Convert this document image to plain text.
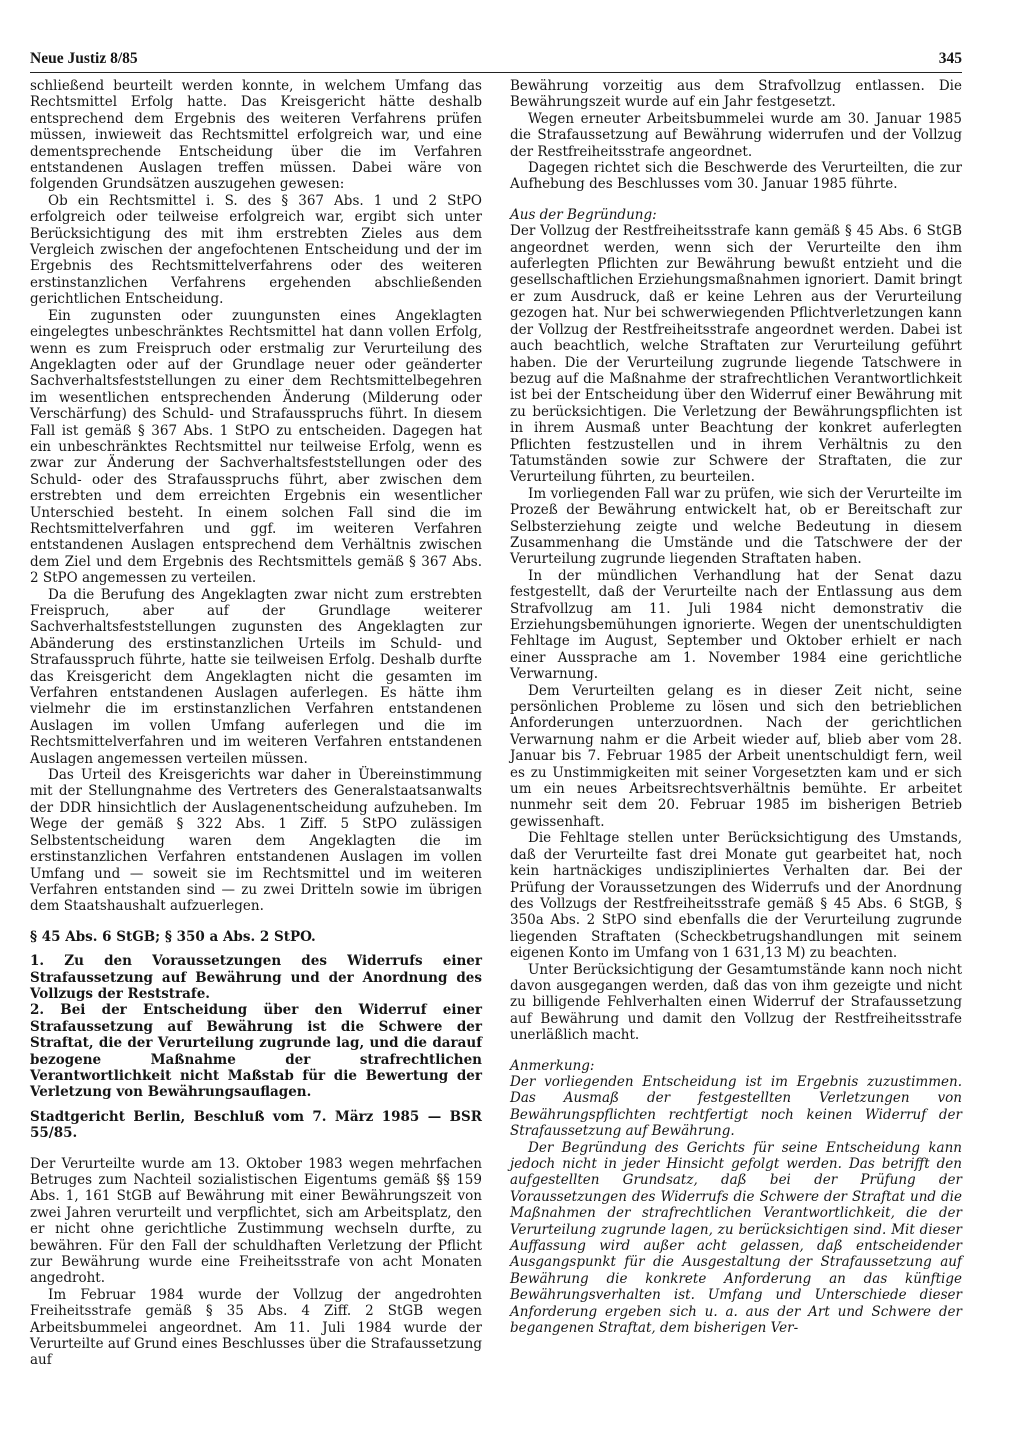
Neue Justiz 8/85	345

schließend beurteilt werden konnte, in welchem Umfang das Rechtsmittel Erfolg hatte. Das Kreisgericht hätte deshalb entsprechend dem Ergebnis des weiteren Verfahrens prüfen müssen, inwieweit das Rechtsmittel erfolgreich war, und eine dementsprechende Entscheidung über die im Verfahren entstandenen Auslagen treffen müssen. Dabei wäre von folgenden Grundsätzen auszugehen gewesen:

Ob ein Rechtsmittel i. S. des § 367 Abs. 1 und 2 StPO erfolgreich oder teilweise erfolgreich war, ergibt sich unter Berücksichtigung des mit ihm erstrebten Zieles aus dem Vergleich zwischen der angefochtenen Entscheidung und der im Ergebnis des Rechtsmittelverfahrens oder des weiteren erstinstanzlichen Verfahrens ergehenden abschließenden gerichtlichen Entscheidung.

Ein zugunsten oder zuungunsten eines Angeklagten eingelegtes unbeschränktes Rechtsmittel hat dann vollen Erfolg, wenn es zum Freispruch oder erstmalig zur Verurteilung des Angeklagten oder auf der Grundlage neuer oder geänderter Sachverhaltsfeststellungen zu einer dem Rechtsmittelbegehren im wesentlichen entsprechenden Änderung (Milderung oder Verschärfung) des Schuld- und Strafausspruchs führt. In diesem Fall ist gemäß § 367 Abs. 1 StPO zu entscheiden. Dagegen hat ein unbeschränktes Rechtsmittel nur teilweise Erfolg, wenn es zwar zur Änderung der Sachverhaltsfeststellungen oder des Schuld- oder des Strafausspruchs führt, aber zwischen dem erstrebten und dem erreichten Ergebnis ein wesentlicher Unterschied besteht. In einem solchen Fall sind die im Rechtsmittelverfahren und ggf. im weiteren Verfahren entstandenen Auslagen entsprechend dem Verhältnis zwischen dem Ziel und dem Ergebnis des Rechtsmittels gemäß § 367 Abs. 2 StPO angemessen zu verteilen.

Da die Berufung des Angeklagten zwar nicht zum erstrebten Freispruch, aber auf der Grundlage weiterer Sachverhaltsfeststellungen zugunsten des Angeklagten zur Abänderung des erstinstanzlichen Urteils im Schuld- und Strafausspruch führte, hatte sie teilweisen Erfolg. Deshalb durfte das Kreisgericht dem Angeklagten nicht die gesamten im Verfahren entstandenen Auslagen auferlegen. Es hätte ihm vielmehr die im erstinstanzlichen Verfahren entstandenen Auslagen im vollen Umfang auferlegen und die im Rechtsmittelverfahren und im weiteren Verfahren entstandenen Auslagen angemessen verteilen müssen.

Das Urteil des Kreisgerichts war daher in Übereinstimmung mit der Stellungnahme des Vertreters des Generalstaatsanwalts der DDR hinsichtlich der Auslagenentscheidung aufzuheben. Im Wege der gemäß § 322 Abs. 1 Ziff. 5 StPO zulässigen Selbstentscheidung waren dem Angeklagten die im erstinstanzlichen Verfahren entstandenen Auslagen im vollen Umfang und — soweit sie im Rechtsmittel und im weiteren Verfahren entstanden sind — zu zwei Dritteln sowie im übrigen dem Staatshaushalt aufzuerlegen.

§ 45 Abs. 6 StGB; § 350 a Abs. 2 StPO.

1. Zu den Voraussetzungen des Widerrufs einer Strafaussetzung auf Bewährung und der Anordnung des Vollzugs der Reststrafe.

2. Bei der Entscheidung über den Widerruf einer Strafaussetzung auf Bewährung ist die Schwere der Straftat, die der Verurteilung zugrunde lag, und die darauf bezogene Maßnahme der strafrechtlichen Verantwortlichkeit nicht Maßstab für die Bewertung der Verletzung von Bewährungsauflagen.

Stadtgericht Berlin, Beschluß vom 7. März 1985 — BSR 55/85.

Der Verurteilte wurde am 13. Oktober 1983 wegen mehrfachen Betruges zum Nachteil sozialistischen Eigentums gemäß §§ 159 Abs. 1, 161 StGB auf Bewährung mit einer Bewährungszeit von zwei Jahren verurteilt und verpflichtet, sich am Arbeitsplatz, den er nicht ohne gerichtliche Zustimmung wechseln durfte, zu bewähren. Für den Fall der schuldhaften Verletzung der Pflicht zur Bewährung wurde eine Freiheitsstrafe von acht Monaten angedroht.

Im Februar 1984 wurde der Vollzug der angedrohten Freiheitsstrafe gemäß § 35 Abs. 4 Ziff. 2 StGB wegen Arbeitsbummelei angeordnet. Am 11. Juli 1984 wurde der Verurteilte auf Grund eines Beschlusses über die Strafaussetzung auf

Bewährung vorzeitig aus dem Strafvollzug entlassen. Die Bewährungszeit wurde auf ein Jahr festgesetzt.

Wegen erneuter Arbeitsbummelei wurde am 30. Januar 1985 die Strafaussetzung auf Bewährung widerrufen und der Vollzug der Restfreiheitsstrafe angeordnet.

Dagegen richtet sich die Beschwerde des Verurteilten, die zur Aufhebung des Beschlusses vom 30. Januar 1985 führte.

Aus der Begründung:

Der Vollzug der Restfreiheitsstrafe kann gemäß § 45 Abs. 6 StGB angeordnet werden, wenn sich der Verurteilte den ihm auferlegten Pflichten zur Bewährung bewußt entzieht und die gesellschaftlichen Erziehungsmaßnahmen ignoriert. Damit bringt er zum Ausdruck, daß er keine Lehren aus der Verurteilung gezogen hat. Nur bei schwerwiegenden Pflichtverletzungen kann der Vollzug der Restfreiheitsstrafe angeordnet werden. Dabei ist auch beachtlich, welche Straftaten zur Verurteilung geführt haben. Die der Verurteilung zugrunde liegende Tatschwere in bezug auf die Maßnahme der strafrechtlichen Verantwortlichkeit ist bei der Entscheidung über den Widerruf einer Bewährung mit zu berücksichtigen. Die Verletzung der Bewährungspflichten ist in ihrem Ausmaß unter Beachtung der konkret auferlegten Pflichten festzustellen und in ihrem Verhältnis zu den Tatumständen sowie zur Schwere der Straftaten, die zur Verurteilung führten, zu beurteilen.

Im vorliegenden Fall war zu prüfen, wie sich der Verurteilte im Prozeß der Bewährung entwickelt hat, ob er Bereitschaft zur Selbsterziehung zeigte und welche Bedeutung in diesem Zusammenhang die Umstände und die Tatschwere der der Verurteilung zugrunde liegenden Straftaten haben.

In der mündlichen Verhandlung hat der Senat dazu festgestellt, daß der Verurteilte nach der Entlassung aus dem Strafvollzug am 11. Juli 1984 nicht demonstrativ die Erziehungsbemühungen ignorierte. Wegen der unentschuldigten Fehltage im August, September und Oktober erhielt er nach einer Aussprache am 1. November 1984 eine gerichtliche Verwarnung.

Dem Verurteilten gelang es in dieser Zeit nicht, seine persönlichen Probleme zu lösen und sich den betrieblichen Anforderungen unterzuordnen. Nach der gerichtlichen Verwarnung nahm er die Arbeit wieder auf, blieb aber vom 28. Januar bis 7. Februar 1985 der Arbeit unentschuldigt fern, weil es zu Unstimmigkeiten mit seiner Vorgesetzten kam und er sich um ein neues Arbeitsrechtsverhältnis bemühte. Er arbeitet nunmehr seit dem 20. Februar 1985 im bisherigen Betrieb gewissenhaft.

Die Fehltage stellen unter Berücksichtigung des Umstands, daß der Verurteilte fast drei Monate gut gearbeitet hat, noch kein hartnäckiges undiszipliniertes Verhalten dar. Bei der Prüfung der Voraussetzungen des Widerrufs und der Anordnung des Vollzugs der Restfreiheitsstrafe gemäß § 45 Abs. 6 StGB, § 350a Abs. 2 StPO sind ebenfalls die der Verurteilung zugrunde liegenden Straftaten (Scheckbetrugshandlungen mit seinem eigenen Konto im Umfang von 1 631,13 M) zu beachten.

Unter Berücksichtigung der Gesamtumstände kann noch nicht davon ausgegangen werden, daß das von ihm gezeigte und nicht zu billigende Fehlverhalten einen Widerruf der Strafaussetzung auf Bewährung und damit den Vollzug der Restfreiheitsstrafe unerläßlich macht.

Anmerkung:

Der vorliegenden Entscheidung ist im Ergebnis zuzustimmen. Das Ausmaß der festgestellten Verletzungen von Bewährungspflichten rechtfertigt noch keinen Widerruf der Strafaussetzung auf Bewährung.

Der Begründung des Gerichts für seine Entscheidung kann jedoch nicht in jeder Hinsicht gefolgt werden. Das betrifft den aufgestellten Grundsatz, daß bei der Prüfung der Voraussetzungen des Widerrufs die Schwere der Straftat und die Maßnahmen der strafrechtlichen Verantwortlichkeit, die der Verurteilung zugrunde lagen, zu berücksichtigen sind. Mit dieser Auffassung wird außer acht gelassen, daß entscheidender Ausgangspunkt für die Ausgestaltung der Strafaussetzung auf Bewährung die konkrete Anforderung an das künftige Bewährungsverhalten ist. Umfang und Unterschiede dieser Anforderung ergeben sich u. a. aus der Art und Schwere der begangenen Straftat, dem bisherigen Ver-
